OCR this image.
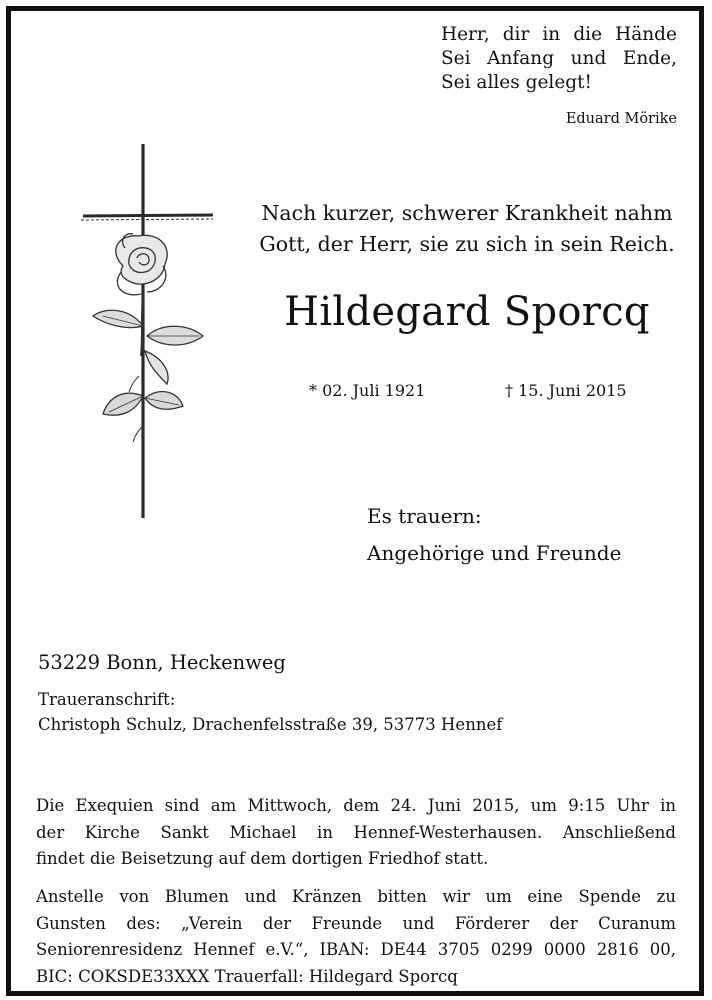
Herr, dir in die Hände
Sei Anfang und Ende,
Sei alles gelegt!
Eduard Mörike
Nach kurzer, schwerer Krankheit nahm
Gott, der Herr, sie zu sich in sein Reich.
Hildegard Sporcq
* 02. Juli 1921	† 15. Juni 2015
Es trauern:
Angehörige und Freunde
53229 Bonn, Heckenweg
Traueranschrift:
Christoph Schulz, Drachenfelsstraße 39, 53773 Hennef
Die Exequien sind am Mittwoch, dem 24. Juni 2015, um 9:15 Uhr in
der Kirche Sankt Michael in Hennef-Westerhausen. Anschließend
findet die Beisetzung auf dem dortigen Friedhof statt.
Anstelle von Blumen und Kränzen bitten wir um eine Spende zu
Gunsten des: „Verein der Freunde und Förderer der Curanum
Seniorenresidenz Hennef e.V.“, IBAN: DE44 3705 0299 0000 2816 00,
BIC: COKSDE33XXX Trauerfall: Hildegard Sporcq
